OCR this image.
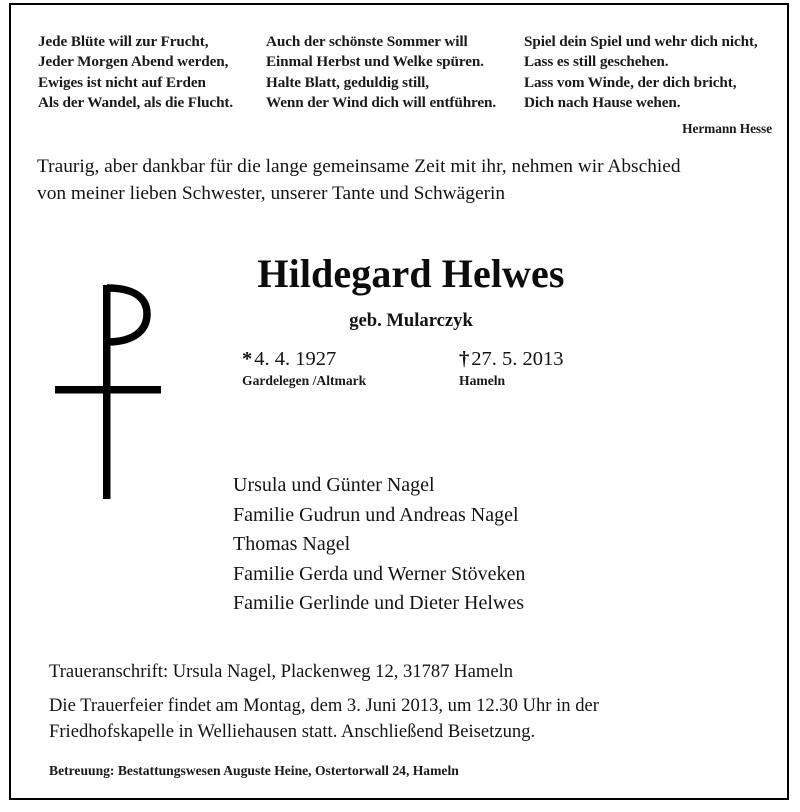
Jede Blüte will zur Frucht,
Jeder Morgen Abend werden,
Ewiges ist nicht auf Erden
Als der Wandel, als die Flucht.
Auch der schönste Sommer will
Einmal Herbst und Welke spüren.
Halte Blatt, geduldig still,
Wenn der Wind dich will entführen.
Spiel dein Spiel und wehr dich nicht,
Lass es still geschehen.
Lass vom Winde, der dich bricht,
Dich nach Hause wehen.
Hermann Hesse
Traurig, aber dankbar für die lange gemeinsame Zeit mit ihr, nehmen wir Abschied
von meiner lieben Schwester, unserer Tante und Schwägerin
Hildegard Helwes
geb. Mularczyk
*4. 4. 1927
Gardelegen /Altmark
†27. 5. 2013
Hameln
Ursula und Günter Nagel
Familie Gudrun und Andreas Nagel
Thomas Nagel
Familie Gerda und Werner Stöveken
Familie Gerlinde und Dieter Helwes
Traueranschrift: Ursula Nagel, Plackenweg 12, 31787 Hameln
Die Trauerfeier findet am Montag, dem 3. Juni 2013, um 12.30 Uhr in der
Friedhofskapelle in Welliehausen statt. Anschließend Beisetzung.
Betreuung: Bestattungswesen Auguste Heine, Ostertorwall 24, Hameln
